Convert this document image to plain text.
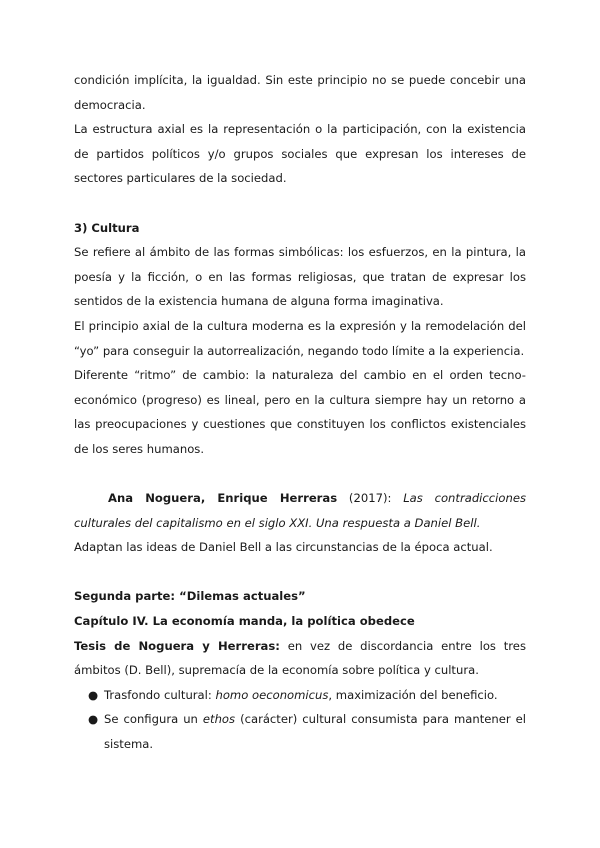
condición implícita, la igualdad. Sin este principio no se puede concebir una democracia.

La estructura axial es la representación o la participación, con la existencia de partidos políticos y/o grupos sociales que expresan los intereses de sectores particulares de la sociedad.

3) Cultura

Se refiere al ámbito de las formas simbólicas: los esfuerzos, en la pintura, la poesía y la ficción, o en las formas religiosas, que tratan de expresar los sentidos de la existencia humana de alguna forma imaginativa.

El principio axial de la cultura moderna es la expresión y la remodelación del “yo” para conseguir la autorrealización, negando todo límite a la experiencia.

Diferente “ritmo” de cambio: la naturaleza del cambio en el orden tecno-económico (progreso) es lineal, pero en la cultura siempre hay un retorno a las preocupaciones y cuestiones que constituyen los conflictos existenciales de los seres humanos.

Ana Noguera, Enrique Herreras (2017): Las contradicciones culturales del capitalismo en el siglo XXI. Una respuesta a Daniel Bell.

Adaptan las ideas de Daniel Bell a las circunstancias de la época actual.

Segunda parte: “Dilemas actuales”

Capítulo IV. La economía manda, la política obedece

Tesis de Noguera y Herreras: en vez de discordancia entre los tres ámbitos (D. Bell), supremacía de la economía sobre política y cultura.

● Trasfondo cultural: homo oeconomicus, maximización del beneficio.
● Se configura un ethos (carácter) cultural consumista para mantener el sistema.
